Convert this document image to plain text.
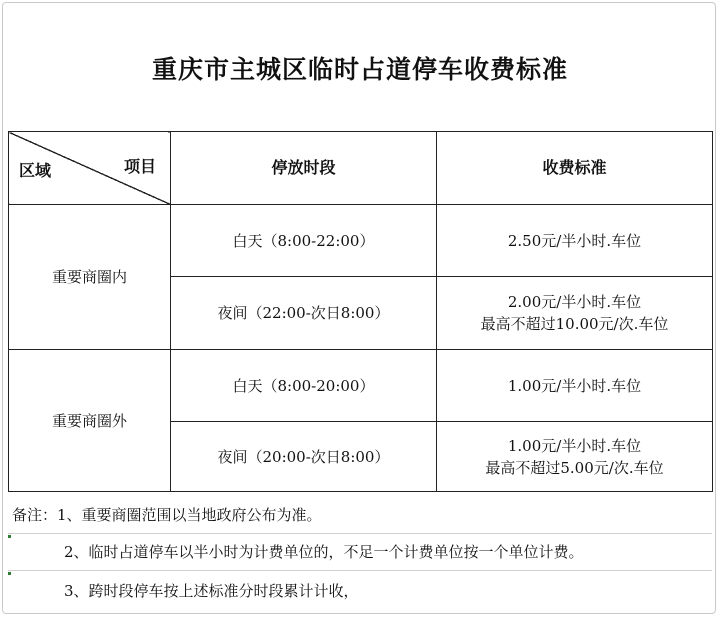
重庆市主城区临时占道停车收费标准
区域 项目	停放时段	收费标准
重要商圈内	白天（8:00-22:00）	2.50元/半小时.车位

	夜间（22:00-次日8:00）	2.00元/半小时.车位
最高不超过10.00元/次.车位

重要商圈外	白天（8:00-20:00）	1.00元/半小时.车位

	夜间（20:00-次日8:00）	1.00元/半小时.车位
最高不超过5.00元/次.车位
备注：1、重要商圈范围以当地政府公布为准。
2、临时占道停车以半小时为计费单位的，不足一个计费单位按一个单位计费。
3、跨时段停车按上述标准分时段累计计收，
